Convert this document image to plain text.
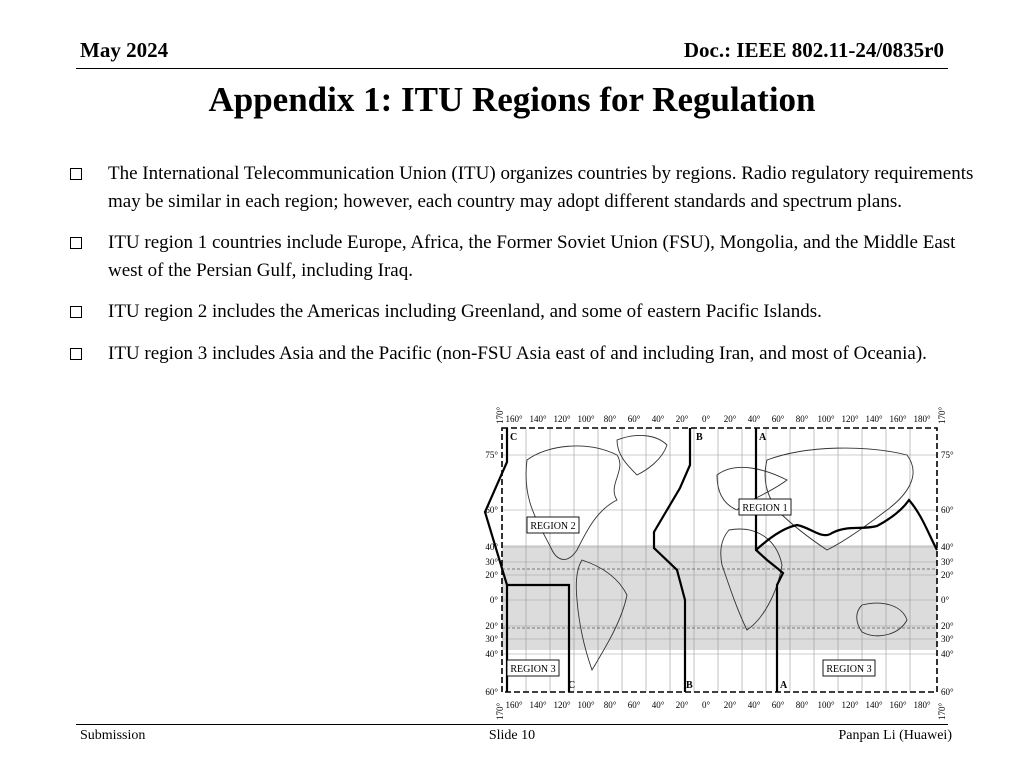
May 2024	Doc.: IEEE 802.11-24/0835r0
Appendix 1: ITU Regions for Regulation
The International Telecommunication Union (ITU) organizes countries by regions. Radio regulatory requirements may be similar in each region; however, each country may adopt different standards and spectrum plans.
ITU region 1 countries include Europe, Africa, the Former Soviet Union (FSU), Mongolia, and the Middle East west of the Persian Gulf, including Iraq.
ITU region 2 includes the Americas including Greenland, and some of eastern Pacific Islands.
ITU region 3 includes Asia and the Pacific (non-FSU Asia east of and including Iran, and most of Oceania).
REGION 2
REGION 1
REGION 3	REGION 3
C	B	A
C	B	A
170°
170°
170°
170°
160° 140° 120° 100° 80° 60° 40° 20° 0° 20° 40° 60° 80° 100° 120° 140° 160° 180°
160° 140° 120° 100° 80° 60° 40° 20° 0° 20° 40° 60° 80° 100° 120° 140° 160° 180°
75°
60°
40°
30°
20°
0°
20°
30°
40°
60°
75°
60°
40°
30°
20°
0°
20°
30°
40°
60°
Submission	Slide 10	Panpan Li (Huawei)
